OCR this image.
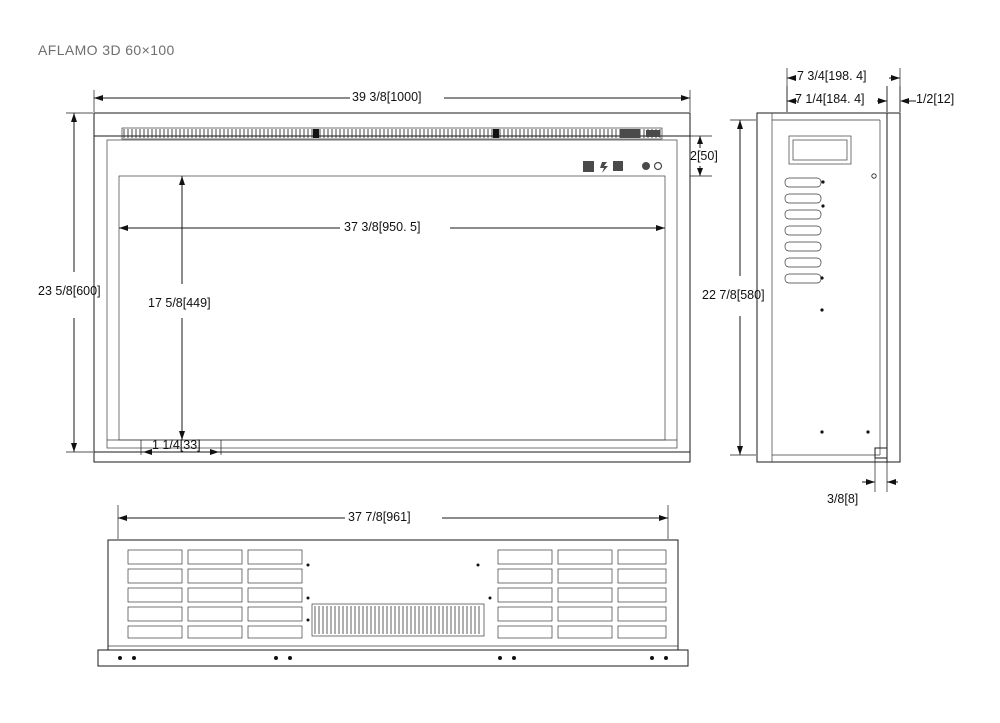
AFLAMO 3D 60×100
39 3/8[1000]
37 3/8[950. 5]
23 5/8[600]
17 5/8[449]
1 1/4[33]
2[50]
7 3/4[198. 4]
7 1/4[184. 4]	1/2[12]
22 7/8[580]
3/8[8]
37 7/8[961]
